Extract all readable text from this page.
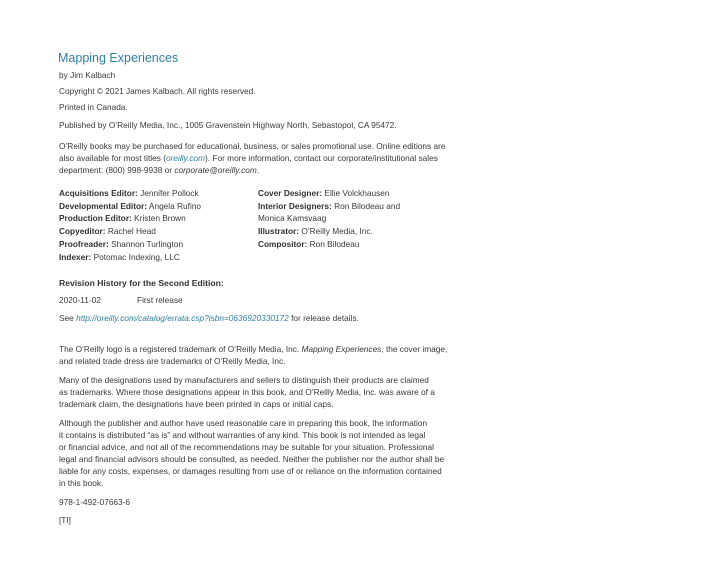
Mapping Experiences
by Jim Kalbach
Copyright © 2021 James Kalbach. All rights reserved.
Printed in Canada.
Published by O’Reilly Media, Inc., 1005 Gravenstein Highway North, Sebastopol, CA 95472.
O’Reilly books may be purchased for educational, business, or sales promotional use. Online editions are
also available for most titles (oreilly.com). For more information, contact our corporate/institutional sales
department: (800) 998-9938 or corporate@oreilly.com.
Revision History for the Second Edition:
2020-11-02	First release
See http://oreilly.com/catalog/errata.csp?isbn=0636920330172 for release details.
The O’Reilly logo is a registered trademark of O’Reilly Media, Inc. Mapping Experiences, the cover image,
and related trade dress are trademarks of O’Reilly Media, Inc.
978-1-492-07663-6
[TI]
Acquisitions Editor: Jennifer Pollock
Developmental Editor: Angela Rufino
Production Editor: Kristen Brown
Copyeditor: Rachel Head
Proofreader: Shannon Turlington
Indexer: Potomac Indexing, LLC
Cover Designer: Ellie Volckhausen
Interior Designers: Ron Bilodeau and
Monica Kamsvaag
Illustrator: O’Reilly Media, Inc.
Compositor: Ron Bilodeau
Many of the designations used by manufacturers and sellers to distinguish their products are claimed
as trademarks. Where those designations appear in this book, and O’Reilly Media, Inc. was aware of a
trademark claim, the designations have been printed in caps or initial caps.
Although the publisher and author have used reasonable care in preparing this book, the information
it contains is distributed “as is” and without warranties of any kind. This book is not intended as legal
or financial advice, and not all of the recommendations may be suitable for your situation. Professional
legal and financial advisors should be consulted, as needed. Neither the publisher nor the author shall be
liable for any costs, expenses, or damages resulting from use of or reliance on the information contained
in this book.
